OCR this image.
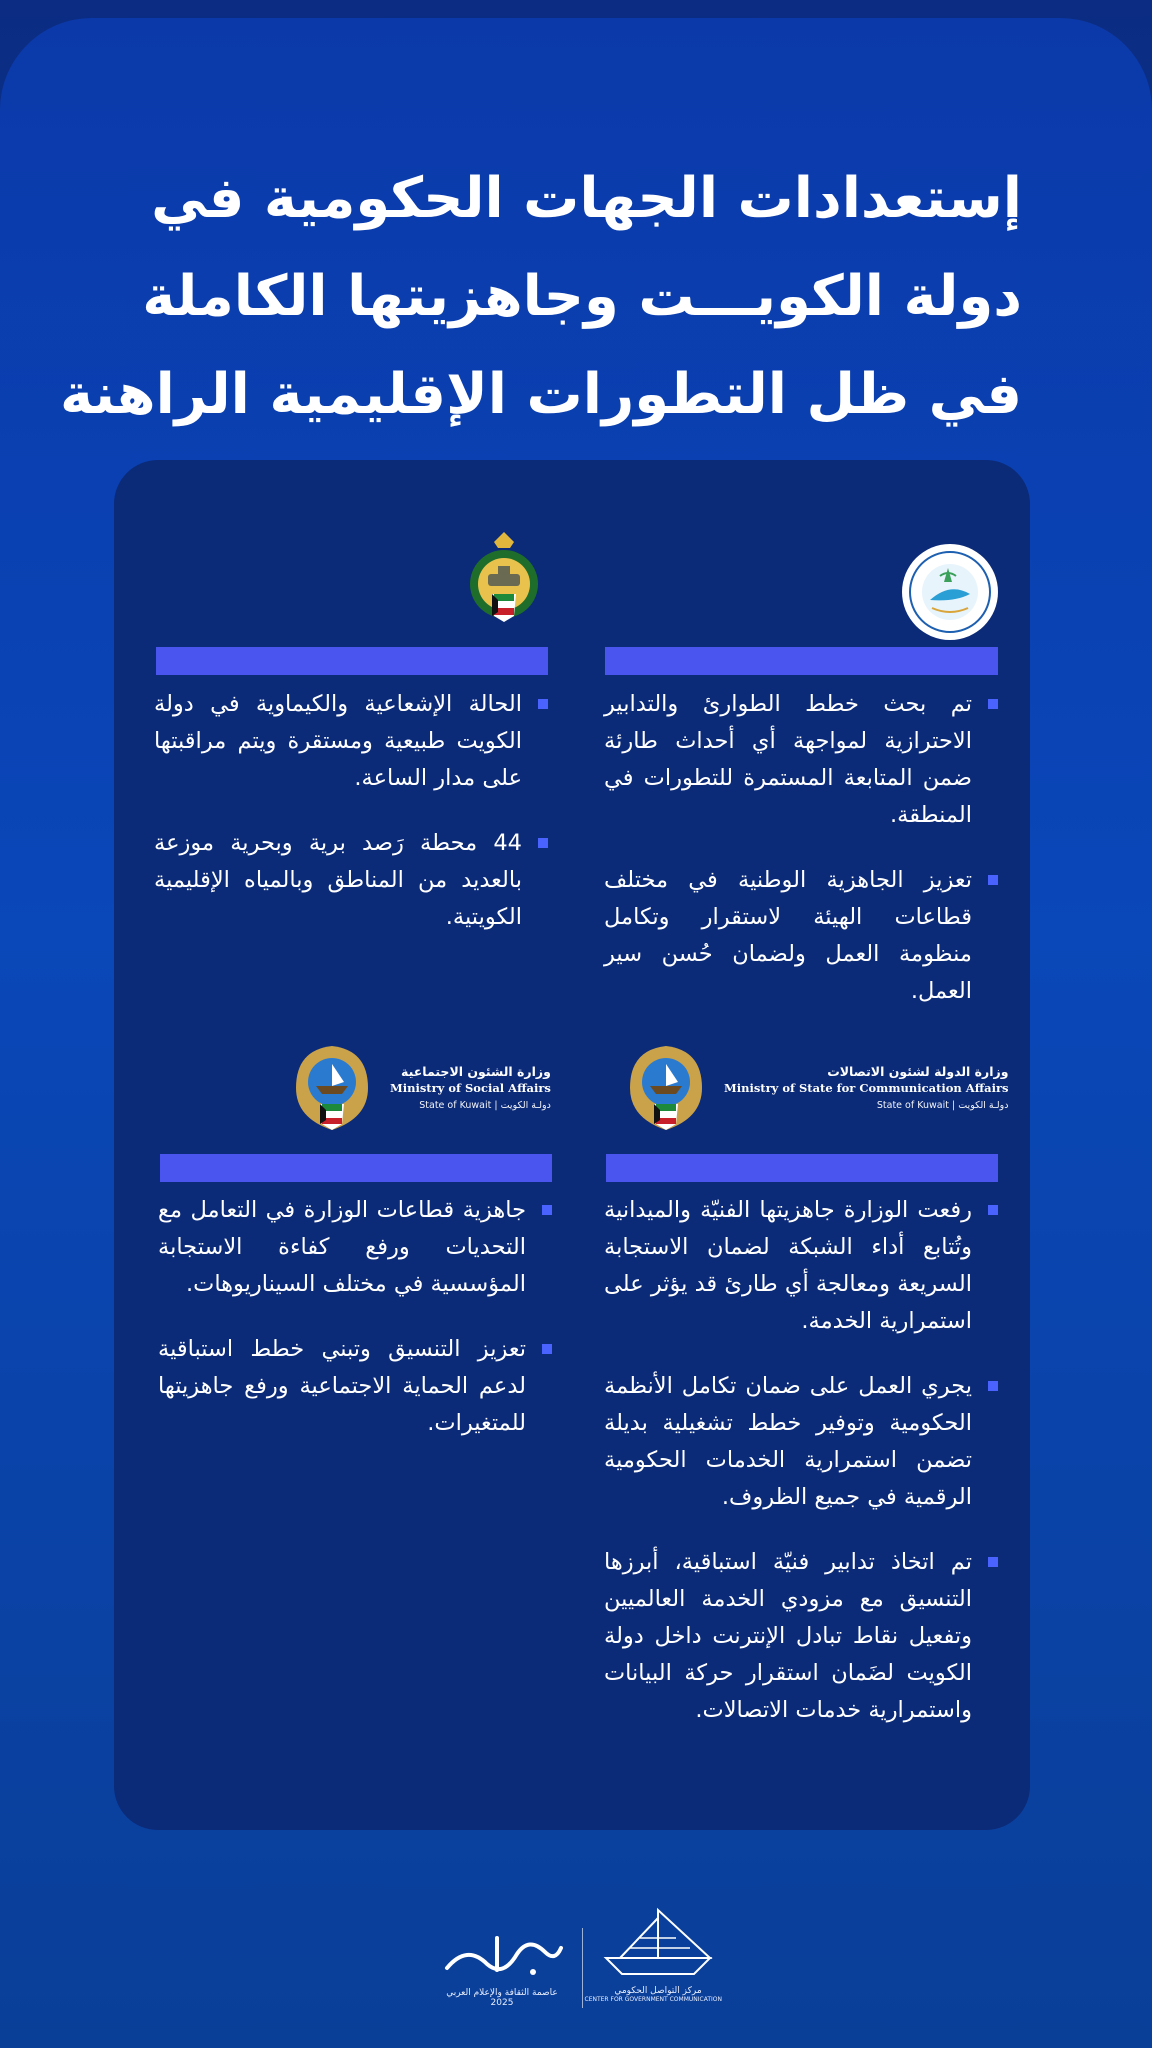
إستعدادات الجهات الحكومية في
دولة الكويـــت وجاهزيتها الكاملة
في ظل التطورات الإقليمية الراهنة
تم بحث خطط الطوارئ والتدابير الاحترازية لمواجهة أي أحداث طارئة ضمن المتابعة المستمرة للتطورات في المنطقة.
تعزيز الجاهزية الوطنية في مختلف قطاعات الهيئة لاستقرار وتكامل منظومة العمل ولضمان حُسن سير العمل.
الحالة الإشعاعية والكيماوية في دولة الكويت طبيعية ومستقرة ويتم مراقبتها على مدار الساعة.
44 محطة رَصد برية وبحرية موزعة بالعديد من المناطق وبالمياه الإقليمية الكويتية.
وزارة الدولة لشئون الاتصالات
Ministry of State for Communication Affairs
دولـة الكويت | State of Kuwait
وزارة الشئون الاجتماعية
Ministry of Social Affairs
دولـة الكويت | State of Kuwait
رفعت الوزارة جاهزيتها الفنيّة والميدانية وتُتابع أداء الشبكة لضمان الاستجابة السريعة ومعالجة أي طارئ قد يؤثر على استمرارية الخدمة.
يجري العمل على ضمان تكامل الأنظمة الحكومية وتوفير خطط تشغيلية بديلة تضمن استمرارية الخدمات الحكومية الرقمية في جميع الظروف.
تم اتخاذ تدابير فنيّة استباقية، أبرزها التنسيق مع مزودي الخدمة العالميين وتفعيل نقاط تبادل الإنترنت داخل دولة الكويت لضَمان استقرار حركة البيانات واستمرارية خدمات الاتصالات.
جاهزية قطاعات الوزارة في التعامل مع التحديات ورفع كفاءة الاستجابة المؤسسية في مختلف السيناريوهات.
تعزيز التنسيق وتبني خطط استباقية لدعم الحماية الاجتماعية ورفع جاهزيتها للمتغيرات.
عاصمة الثقافة والإعلام العربي
2025
مركز التواصل الحكومي
CENTER FOR GOVERNMENT COMMUNICATION
